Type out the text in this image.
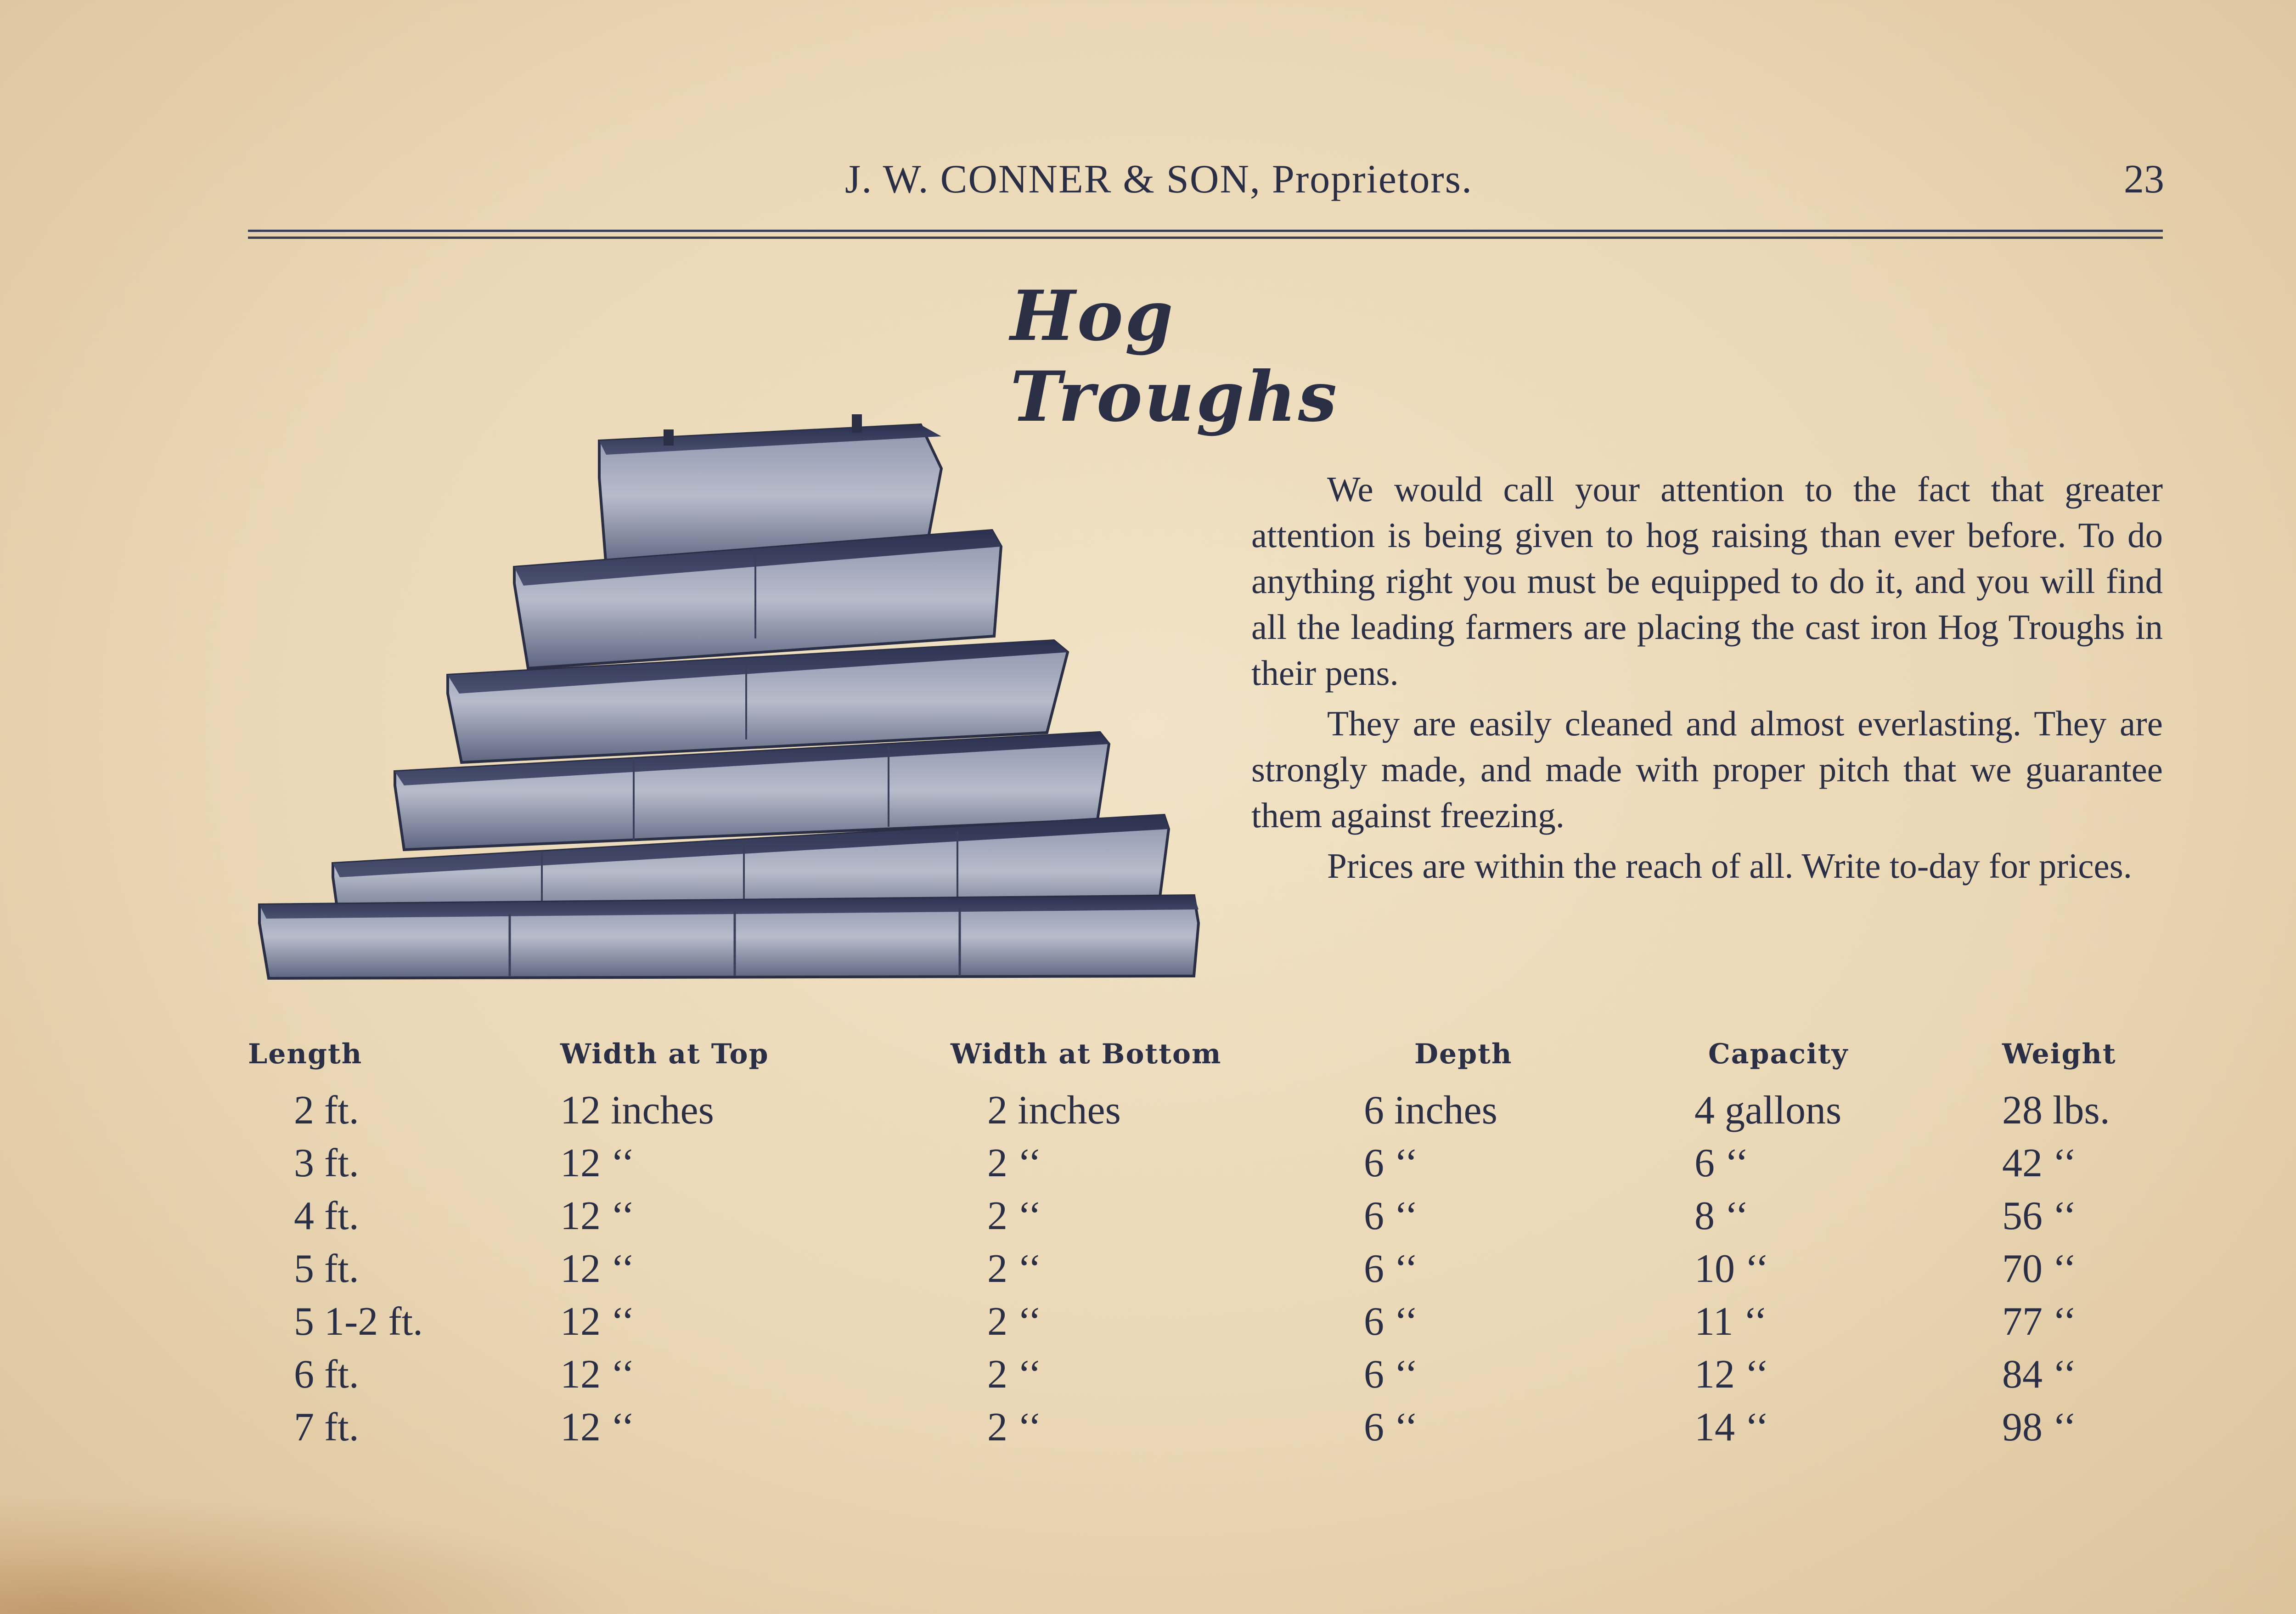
J. W. CONNER & SON, Proprietors.	23
Hog Troughs

We would call your attention to the fact that greater attention is being given to hog raising than ever before. To do anything right you must be equipped to do it, and you will find all the leading farmers are placing the cast iron Hog Troughs in their pens.

They are easily cleaned and almost everlasting. They are strongly made, and made with proper pitch that we guarantee them against freezing.

Prices are within the reach of all. Write to-day for prices.

Length	Width at Top	Width at Bottom	Depth	Capacity	Weight
2 ft.	12 inches	2 inches	6 inches	4 gallons	28 lbs.
3 ft.	12 ‘‘	2 ‘‘	6 ‘‘	6 ‘‘	42 ‘‘
4 ft.	12 ‘‘	2 ‘‘	6 ‘‘	8 ‘‘	56 ‘‘
5 ft.	12 ‘‘	2 ‘‘	6 ‘‘	10 ‘‘	70 ‘‘
5 1-2 ft.	12 ‘‘	2 ‘‘	6 ‘‘	11 ‘‘	77 ‘‘
6 ft.	12 ‘‘	2 ‘‘	6 ‘‘	12 ‘‘	84 ‘‘
7 ft.	12 ‘‘	2 ‘‘	6 ‘‘	14 ‘‘	98 ‘‘
